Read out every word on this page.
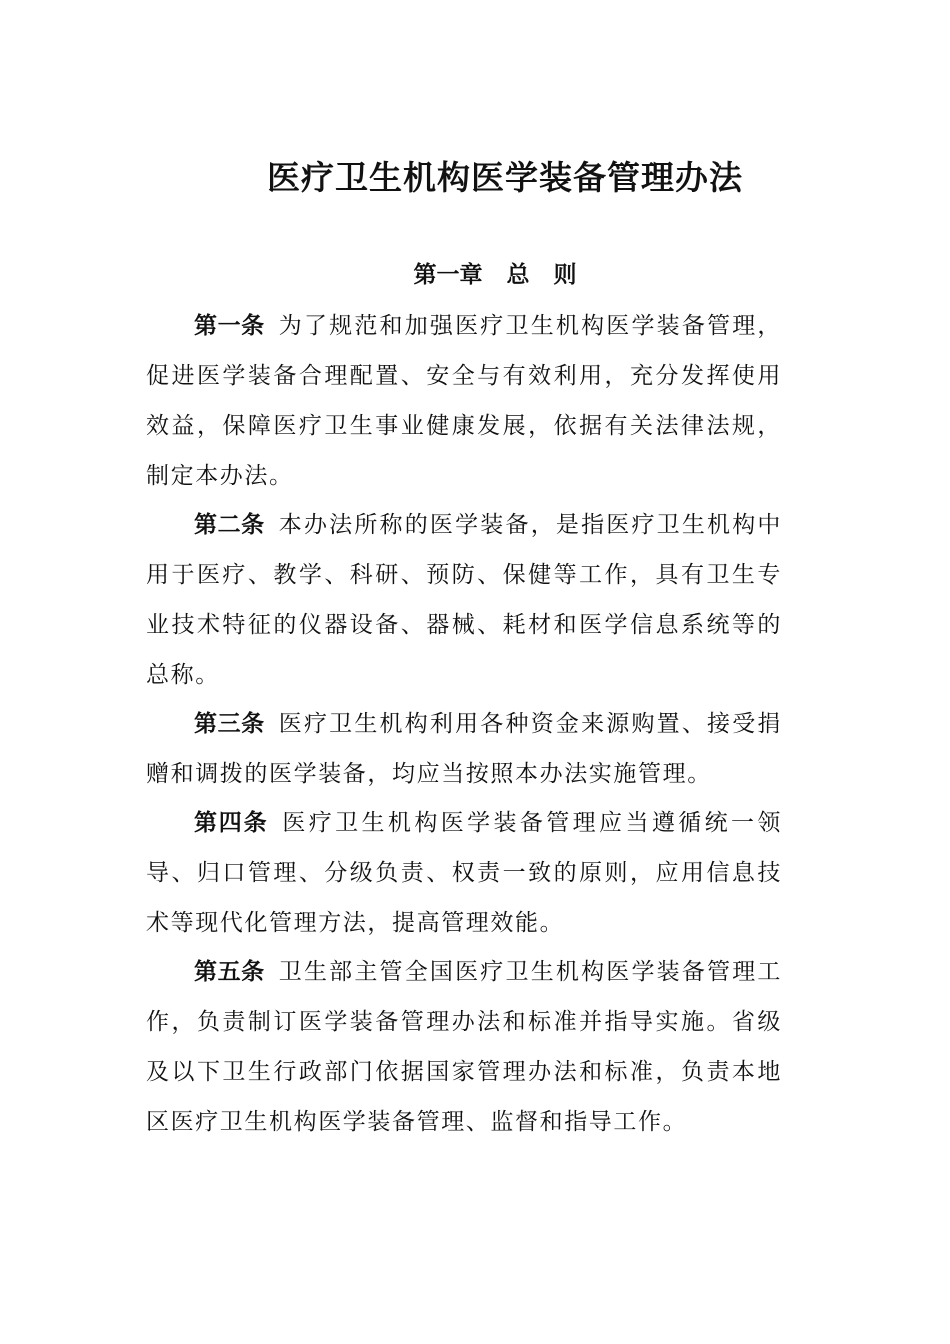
医疗卫生机构医学装备管理办法
第一章   总   则

第一条 为了规范和加强医疗卫生机构医学装备管理，促进医学装备合理配置、安全与有效利用，充分发挥使用效益，保障医疗卫生事业健康发展，依据有关法律法规，制定本办法。

第二条 本办法所称的医学装备，是指医疗卫生机构中用于医疗、教学、科研、预防、保健等工作，具有卫生专业技术特征的仪器设备、器械、耗材和医学信息系统等的总称。

第三条 医疗卫生机构利用各种资金来源购置、接受捐赠和调拨的医学装备，均应当按照本办法实施管理。

第四条 医疗卫生机构医学装备管理应当遵循统一领导、归口管理、分级负责、权责一致的原则，应用信息技术等现代化管理方法，提高管理效能。

第五条 卫生部主管全国医疗卫生机构医学装备管理工作，负责制订医学装备管理办法和标准并指导实施。省级及以下卫生行政部门依据国家管理办法和标准，负责本地区医疗卫生机构医学装备管理、监督和指导工作。
